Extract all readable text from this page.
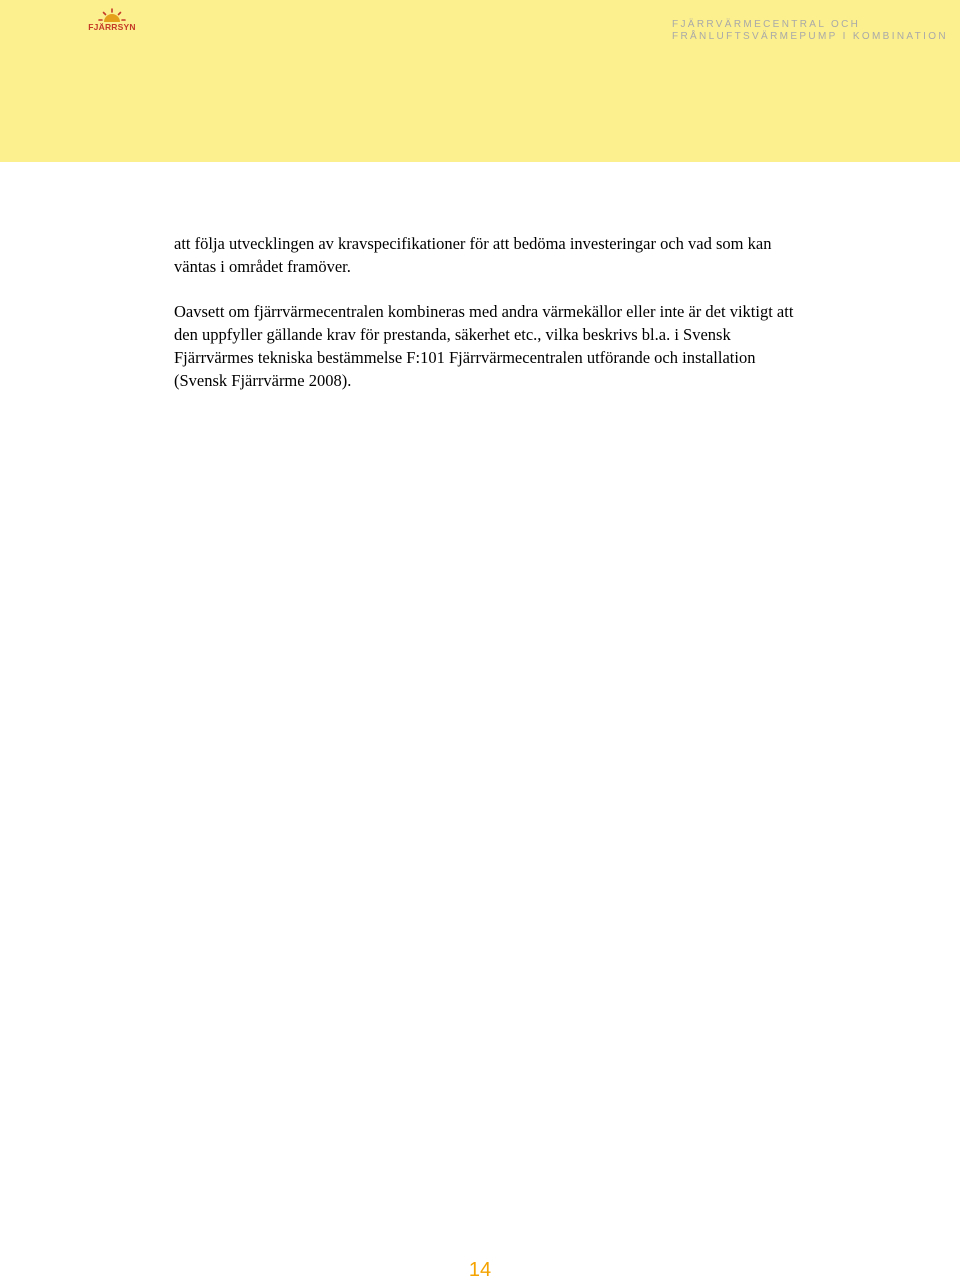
FJÄRRSYN	FJÄRRVÄRMECENTRAL OCH
FRÅNLUFTSVÄRMEPUMP I KOMBINATION

att följa utvecklingen av kravspecifikationer för att bedöma investeringar och vad som kan väntas i området framöver.

Oavsett om fjärrvärmecentralen kombineras med andra värmekällor eller inte är det viktigt att den uppfyller gällande krav för prestanda, säkerhet etc., vilka beskrivs bl.a. i Svensk Fjärrvärmes tekniska bestämmelse F:101 Fjärrvärmecentralen utförande och installation (Svensk Fjärrvärme 2008).

14
